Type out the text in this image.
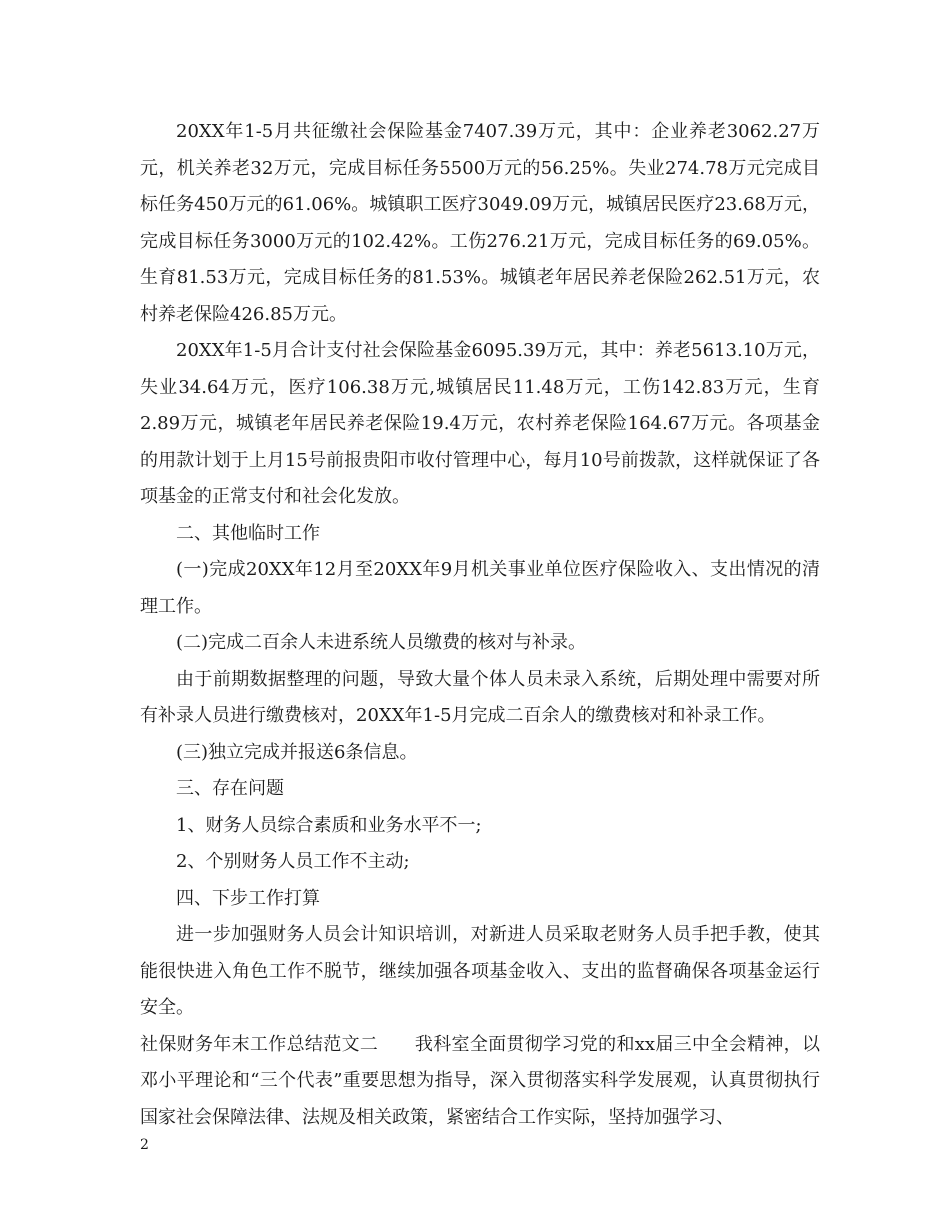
20XX年1-5月共征缴社会保险基金7407.39万元，其中：企业养老3062.27万元，机关养老32万元，完成目标任务5500万元的56.25%。失业274.78万元完成目标任务450万元的61.06%。城镇职工医疗3049.09万元，城镇居民医疗23.68万元，完成目标任务3000万元的102.42%。工伤276.21万元，完成目标任务的69.05%。生育81.53万元，完成目标任务的81.53%。城镇老年居民养老保险262.51万元，农村养老保险426.85万元。

20XX年1-5月合计支付社会保险基金6095.39万元，其中：养老5613.10万元，失业34.64万元，医疗106.38万元,城镇居民11.48万元，工伤142.83万元，生育2.89万元，城镇老年居民养老保险19.4万元，农村养老保险164.67万元。各项基金的用款计划于上月15号前报贵阳市收付管理中心，每月10号前拨款，这样就保证了各项基金的正常支付和社会化发放。

二、其他临时工作

(一)完成20XX年12月至20XX年9月机关事业单位医疗保险收入、支出情况的清理工作。

(二)完成二百余人未进系统人员缴费的核对与补录。

由于前期数据整理的问题，导致大量个体人员未录入系统，后期处理中需要对所有补录人员进行缴费核对，20XX年1-5月完成二百余人的缴费核对和补录工作。

(三)独立完成并报送6条信息。

三、存在问题

1、财务人员综合素质和业务水平不一;

2、个别财务人员工作不主动;

四、下步工作打算

进一步加强财务人员会计知识培训，对新进人员采取老财务人员手把手教，使其能很快进入角色工作不脱节，继续加强各项基金收入、支出的监督确保各项基金运行安全。

社保财务年末工作总结范文二　　我科室全面贯彻学习党的和xx届三中全会精神，以邓小平理论和“三个代表”重要思想为指导，深入贯彻落实科学发展观，认真贯彻执行国家社会保障法律、法规及相关政策，紧密结合工作实际，坚持加强学习、

2
